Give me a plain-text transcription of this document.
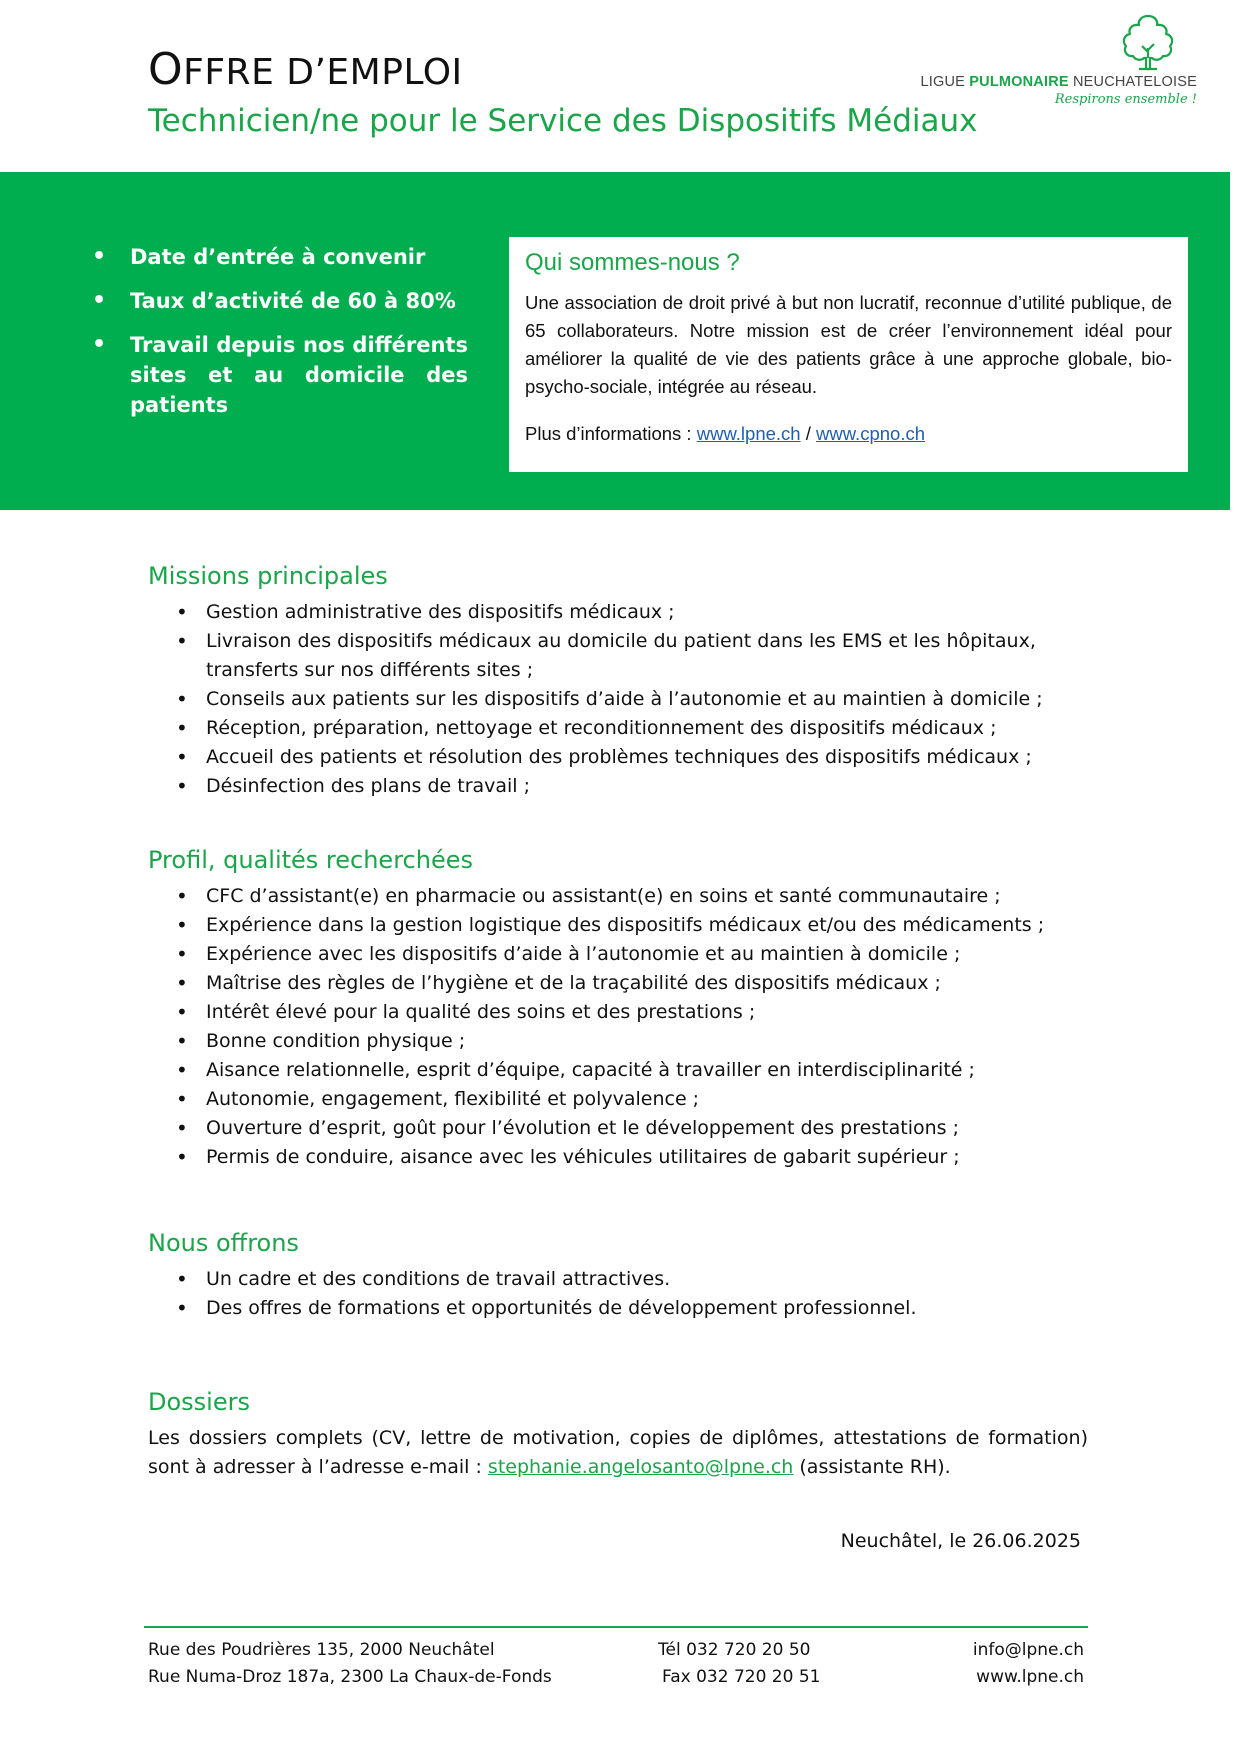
OFFRE D’EMPLOI
Technicien/ne pour le Service des Dispositifs Médiaux
LIGUE PULMONAIRE NEUCHATELOISE
Respirons ensemble !
• Date d’entrée à convenir
• Taux d’activité de 60 à 80%
• Travail depuis nos différents sites et au domicile des patients
Qui sommes-nous ?

Une association de droit privé à but non lucratif, reconnue d’utilité publique, de 65 collaborateurs. Notre mission est de créer l’environnement idéal pour améliorer la qualité de vie des patients grâce à une approche globale, bio-psycho-sociale, intégrée au réseau.

Plus d’informations : www.lpne.ch / www.cpno.ch
Missions principales
• Gestion administrative des dispositifs médicaux ;
• Livraison des dispositifs médicaux au domicile du patient dans les EMS et les hôpitaux, transferts sur nos différents sites ;
• Conseils aux patients sur les dispositifs d’aide à l’autonomie et au maintien à domicile ;
• Réception, préparation, nettoyage et reconditionnement des dispositifs médicaux ;
• Accueil des patients et résolution des problèmes techniques des dispositifs médicaux ;
• Désinfection des plans de travail ;
Profil, qualités recherchées
• CFC d’assistant(e) en pharmacie ou assistant(e) en soins et santé communautaire ;
• Expérience dans la gestion logistique des dispositifs médicaux et/ou des médicaments ;
• Expérience avec les dispositifs d’aide à l’autonomie et au maintien à domicile ;
• Maîtrise des règles de l’hygiène et de la traçabilité des dispositifs médicaux ;
• Intérêt élevé pour la qualité des soins et des prestations ;
• Bonne condition physique ;
• Aisance relationnelle, esprit d’équipe, capacité à travailler en interdisciplinarité ;
• Autonomie, engagement, flexibilité et polyvalence ;
• Ouverture d’esprit, goût pour l’évolution et le développement des prestations ;
• Permis de conduire, aisance avec les véhicules utilitaires de gabarit supérieur ;
Nous offrons
• Un cadre et des conditions de travail attractives.
• Des offres de formations et opportunités de développement professionnel.
Dossiers

Les dossiers complets (CV, lettre de motivation, copies de diplômes, attestations de formation) sont à adresser à l’adresse e-mail : stephanie.angelosanto@lpne.ch (assistante RH).

Neuchâtel, le 26.06.2025
Rue des Poudrières 135, 2000 Neuchâtel
Rue Numa-Droz 187a, 2300 La Chaux-de-Fonds
Tél 032 720 20 50
Fax 032 720 20 51
info@lpne.ch
www.lpne.ch
